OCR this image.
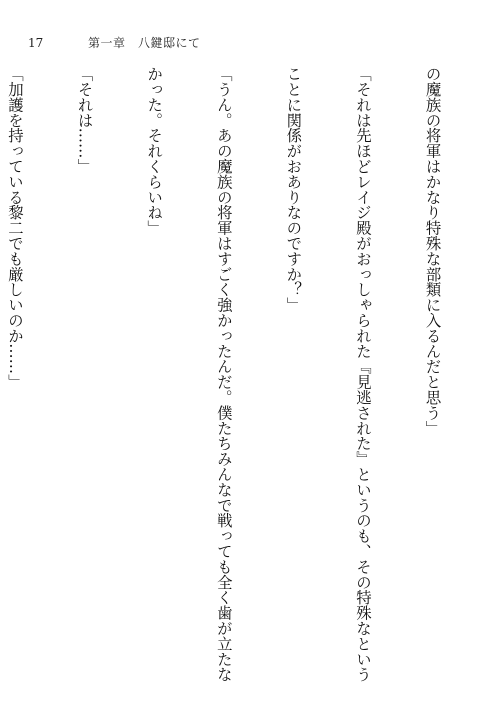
17	第一章　八鍵邸にて

の魔族の将軍はかなり特殊な部類に入るんだと思う」

「それは先ほどレイジ殿がおっしゃられた『見逃された』というのも、その特殊なという

ことに関係がおありなのですか？」

「うん。あの魔族の将軍はすごく強かったんだ。僕たちみんなで戦っても全く歯が立たな

かった。それくらいね」

「それは……」

「加護を持っている黎二でも厳しいのか……」
